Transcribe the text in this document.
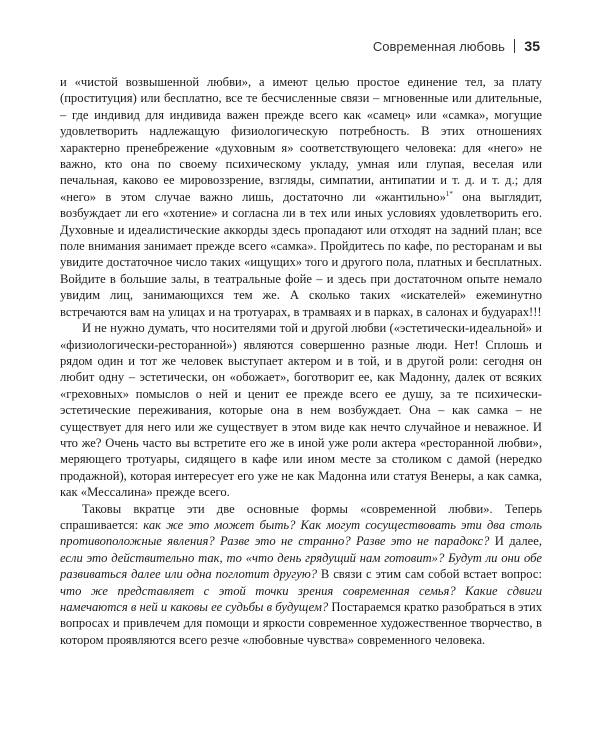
Современная любовь 35

и «чистой возвышенной любви», а имеют целью простое единение тел, за плату (проституция) или бесплатно, все те бесчисленные связи – мгновенные или длительные, – где индивид для индивида важен прежде всего как «самец» или «самка», могущие удовлетворить надлежащую физиологическую потребность. В этих отношениях характерно пренебрежение «духовным я» соответствующего человека: для «него» не важно, кто она по своему психическому укладу, умная или глупая, веселая или печальная, каково ее мировоззрение, взгляды, симпатии, антипатии и т. д. и т. д.; для «него» в этом случае важно лишь, достаточно ли «жантильно»$^{1*}$ она выглядит, возбуждает ли его «хотение» и согласна ли в тех или иных условиях удовлетворить его. Духовные и идеалистические аккорды здесь пропадают или отходят на задний план; все поле внимания занимает прежде всего «самка». Пройдитесь по кафе, по ресторанам и вы увидите достаточное число таких «ищущих» того и другого пола, платных и бесплатных. Войдите в большие залы, в театральные фойе – и здесь при достаточном опыте немало увидим лиц, занимающихся тем же. А сколько таких «искателей» ежеминутно встречаются вам на улицах и на тротуарах, в трамваях и в парках, в салонах и будуарах!!!

И не нужно думать, что носителями той и другой любви («эстетически-идеальной» и «физиологически-ресторанной») являются совершенно разные люди. Нет! Сплошь и рядом один и тот же человек выступает актером и в той, и в другой роли: сегодня он любит одну – эстетически, он «обожает», боготворит ее, как Мадонну, далек от всяких «греховных» помыслов о ней и ценит ее прежде всего ее душу, за те психически-эстетические переживания, которые она в нем возбуждает. Она – как самка – не существует для него или же существует в этом виде как нечто случайное и неважное. И что же? Очень часто вы встретите его же в иной уже роли актера «ресторанной любви», меряющего тротуары, сидящего в кафе или ином месте за столиком с дамой (нередко продажной), которая интересует его уже не как Мадонна или статуя Венеры, а как самка, как «Мессалина» прежде всего.

Таковы вкратце эти две основные формы «современной любви». Теперь спрашивается: как же это может быть? Как могут сосуществовать эти два столь противоположные явления? Разве это не странно? Разве это не парадокс? И далее, если это действительно так, то «что день грядущий нам готовит»? Будут ли они обе развиваться далее или одна поглотит другую? В связи с этим сам собой встает вопрос: что же представляет с этой точки зрения современная семья? Какие сдвиги намечаются в ней и каковы ее судьбы в будущем? Постараемся кратко разобраться в этих вопросах и привлечем для помощи и яркости современное художественное творчество, в котором проявляются всего резче «любовные чувства» современного человека.
